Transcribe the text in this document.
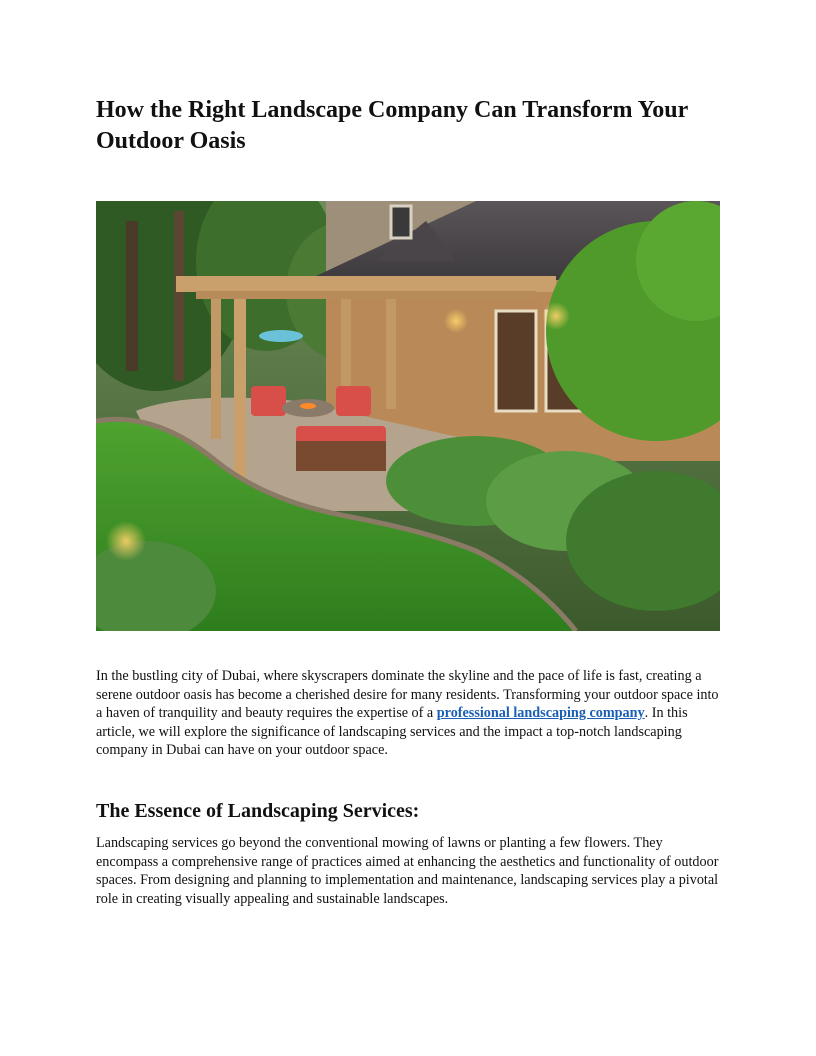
How the Right Landscape Company Can Transform Your Outdoor Oasis

In the bustling city of Dubai, where skyscrapers dominate the skyline and the pace of life is fast, creating a serene outdoor oasis has become a cherished desire for many residents. Transforming your outdoor space into a haven of tranquility and beauty requires the expertise of a professional landscaping company. In this article, we will explore the significance of landscaping services and the impact a top-notch landscaping company in Dubai can have on your outdoor space.

The Essence of Landscaping Services:

Landscaping services go beyond the conventional mowing of lawns or planting a few flowers. They encompass a comprehensive range of practices aimed at enhancing the aesthetics and functionality of outdoor spaces. From designing and planning to implementation and maintenance, landscaping services play a pivotal role in creating visually appealing and sustainable landscapes.
